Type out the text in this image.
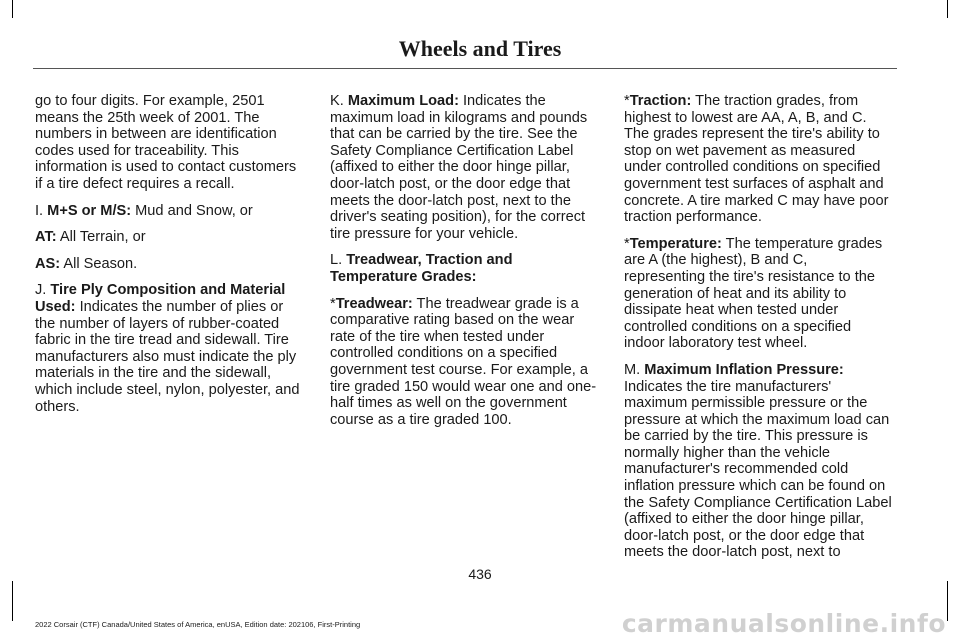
Wheels and Tires

go to four digits. For example, 2501 means the 25th week of 2001. The numbers in between are identification codes used for traceability. This information is used to contact customers if a tire defect requires a recall.

I. M+S or M/S: Mud and Snow, or

AT: All Terrain, or

AS: All Season.

J. Tire Ply Composition and Material Used: Indicates the number of plies or the number of layers of rubber-coated fabric in the tire tread and sidewall. Tire manufacturers also must indicate the ply materials in the tire and the sidewall, which include steel, nylon, polyester, and others.

K. Maximum Load: Indicates the maximum load in kilograms and pounds that can be carried by the tire. See the Safety Compliance Certification Label (affixed to either the door hinge pillar, door-latch post, or the door edge that meets the door-latch post, next to the driver's seating position), for the correct tire pressure for your vehicle.

L. Treadwear, Traction and Temperature Grades:

*Treadwear: The treadwear grade is a comparative rating based on the wear rate of the tire when tested under controlled conditions on a specified government test course. For example, a tire graded 150 would wear one and one-half times as well on the government course as a tire graded 100.

*Traction: The traction grades, from highest to lowest are AA, A, B, and C. The grades represent the tire's ability to stop on wet pavement as measured under controlled conditions on specified government test surfaces of asphalt and concrete. A tire marked C may have poor traction performance.

*Temperature: The temperature grades are A (the highest), B and C, representing the tire's resistance to the generation of heat and its ability to dissipate heat when tested under controlled conditions on a specified indoor laboratory test wheel.

M. Maximum Inflation Pressure: Indicates the tire manufacturers' maximum permissible pressure or the pressure at which the maximum load can be carried by the tire. This pressure is normally higher than the vehicle manufacturer's recommended cold inflation pressure which can be found on the Safety Compliance Certification Label (affixed to either the door hinge pillar, door-latch post, or the door edge that meets the door-latch post, next to

436
2022 Corsair (CTF) Canada/United States of America, enUSA, Edition date: 202106, First-Printing	carmanualsonline.info
